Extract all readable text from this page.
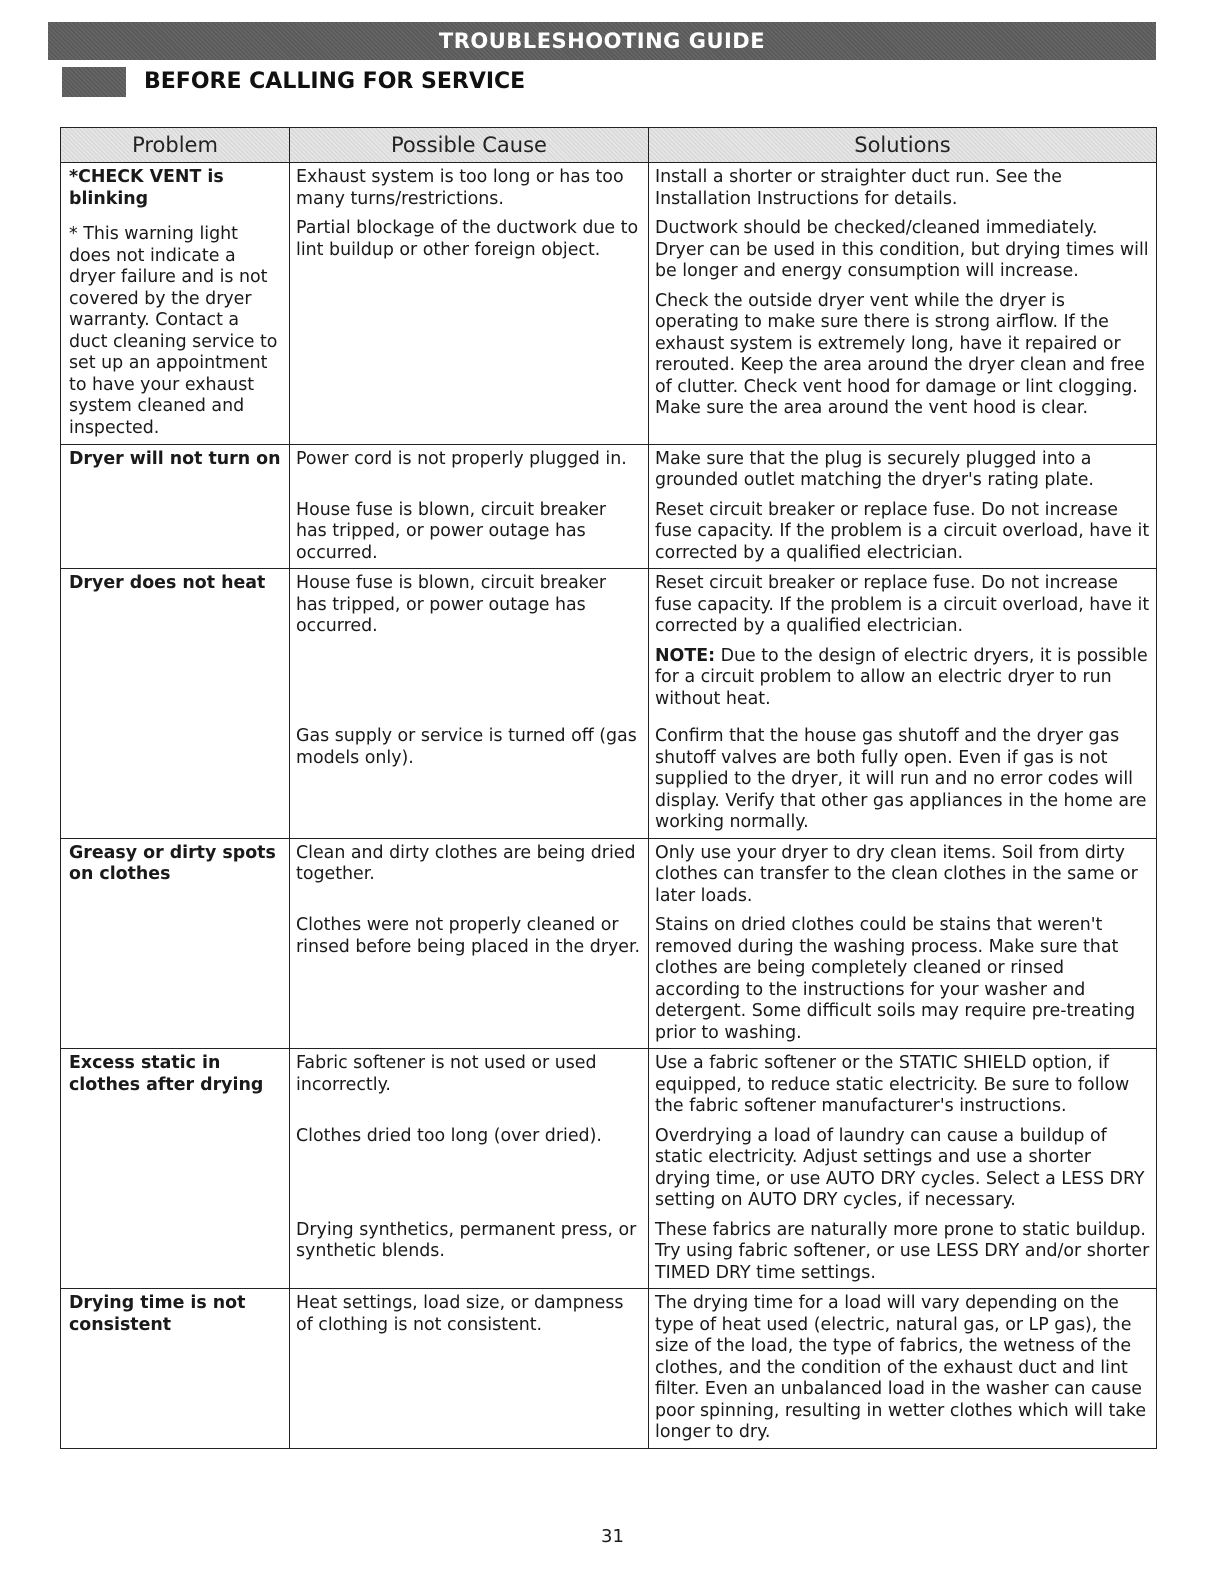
TROUBLESHOOTING GUIDE
BEFORE CALLING FOR SERVICE
Problem	Possible Cause	Solutions

*CHECK VENT is blinking
* This warning light does not indicate a dryer failure and is not covered by the dryer warranty. Contact a duct cleaning service to set up an appointment to have your exhaust system cleaned and inspected.	Exhaust system is too long or has too many turns/restrictions.	Install a shorter or straighter duct run. See the Installation Instructions for details.

	Partial blockage of the ductwork due to lint buildup or other foreign object.	Ductwork should be checked/cleaned immediately. Dryer can be used in this condition, but drying times will be longer and energy consumption will increase.

		Check the outside dryer vent while the dryer is operating to make sure there is strong airflow. If the exhaust system is extremely long, have it repaired or rerouted. Keep the area around the dryer clean and free of clutter. Check vent hood for damage or lint clogging. Make sure the area around the vent hood is clear.

Dryer will not turn on	Power cord is not properly plugged in.	Make sure that the plug is securely plugged into a grounded outlet matching the dryer's rating plate.

	House fuse is blown, circuit breaker has tripped, or power outage has occurred.	Reset circuit breaker or replace fuse. Do not increase fuse capacity. If the problem is a circuit overload, have it corrected by a qualified electrician.

Dryer does not heat	House fuse is blown, circuit breaker has tripped, or power outage has occurred.	Reset circuit breaker or replace fuse. Do not increase fuse capacity. If the problem is a circuit overload, have it corrected by a qualified electrician.

		NOTE: Due to the design of electric dryers, it is possible for a circuit problem to allow an electric dryer to run without heat.

	Gas supply or service is turned off (gas models only).	Confirm that the house gas shutoff and the dryer gas shutoff valves are both fully open. Even if gas is not supplied to the dryer, it will run and no error codes will display. Verify that other gas appliances in the home are working normally.

Greasy or dirty spots on clothes	Clean and dirty clothes are being dried together.	Only use your dryer to dry clean items. Soil from dirty clothes can transfer to the clean clothes in the same or later loads.

	Clothes were not properly cleaned or rinsed before being placed in the dryer.	Stains on dried clothes could be stains that weren't removed during the washing process. Make sure that clothes are being completely cleaned or rinsed according to the instructions for your washer and detergent. Some difficult soils may require pre-treating prior to washing.

Excess static in clothes after drying	Fabric softener is not used or used incorrectly.	Use a fabric softener or the STATIC SHIELD option, if equipped, to reduce static electricity. Be sure to follow the fabric softener manufacturer's instructions.

	Clothes dried too long (over dried).	Overdrying a load of laundry can cause a buildup of static electricity. Adjust settings and use a shorter drying time, or use AUTO DRY cycles. Select a LESS DRY setting on AUTO DRY cycles, if necessary.

	Drying synthetics, permanent press, or synthetic blends.	These fabrics are naturally more prone to static buildup. Try using fabric softener, or use LESS DRY and/or shorter TIMED DRY time settings.

Drying time is not consistent	Heat settings, load size, or dampness of clothing is not consistent.	The drying time for a load will vary depending on the type of heat used (electric, natural gas, or LP gas), the size of the load, the type of fabrics, the wetness of the clothes, and the condition of the exhaust duct and lint filter. Even an unbalanced load in the washer can cause poor spinning, resulting in wetter clothes which will take longer to dry.
31
